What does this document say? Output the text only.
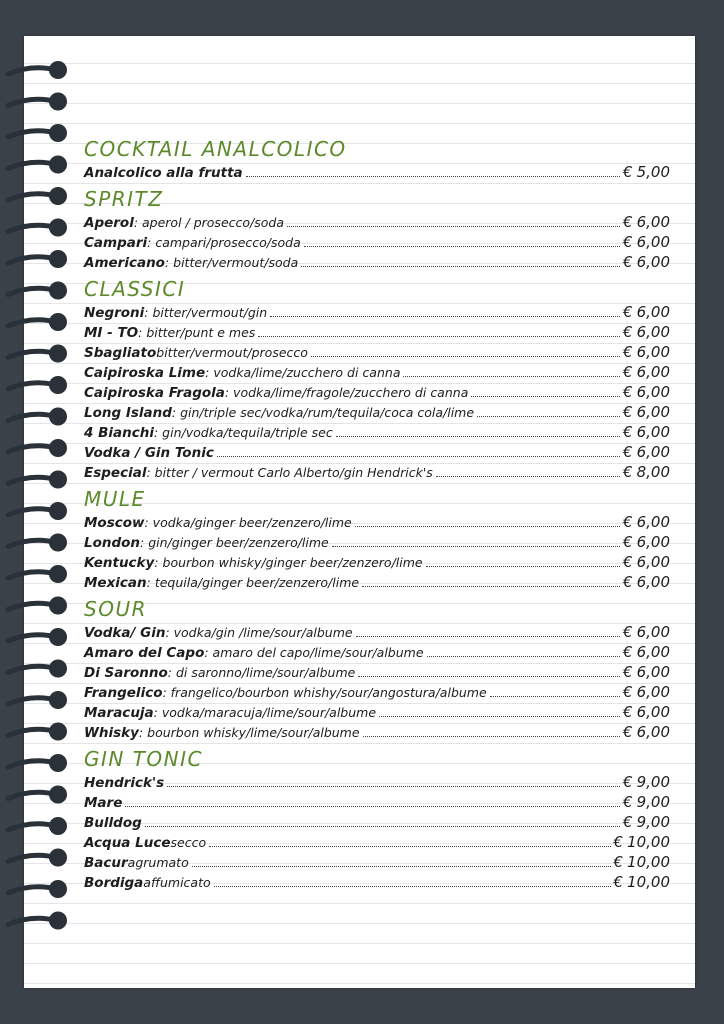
COCKTAIL ANALCOLICO
Analcolico alla frutta	€ 5,00
SPRITZ
Aperol : aperol / prosecco/soda	€ 6,00
Campari : campari/prosecco/soda	€ 6,00
Americano : bitter/vermout/soda	€ 6,00
CLASSICI
Negroni : bitter/vermout/gin	€ 6,00
MI - TO : bitter/punt e mes	€ 6,00
Sbagliato bitter/vermout/prosecco	€ 6,00
Caipiroska Lime : vodka/lime/zucchero di canna	€ 6,00
Caipiroska Fragola : vodka/lime/fragole/zucchero di canna	€ 6,00
Long Island : gin/triple sec/vodka/rum/tequila/coca cola/lime	€ 6,00
4 Bianchi : gin/vodka/tequila/triple sec	€ 6,00
Vodka / Gin Tonic	€ 6,00
Especial : bitter / vermout Carlo Alberto/gin Hendrick's	€ 8,00
MULE
Moscow : vodka/ginger beer/zenzero/lime	€ 6,00
London : gin/ginger beer/zenzero/lime	€ 6,00
Kentucky : bourbon whisky/ginger beer/zenzero/lime	€ 6,00
Mexican : tequila/ginger beer/zenzero/lime	€ 6,00
SOUR
Vodka/ Gin : vodka/gin /lime/sour/albume	€ 6,00
Amaro del Capo : amaro del capo/lime/sour/albume	€ 6,00
Di Saronno : di saronno/lime/sour/albume	€ 6,00
Frangelico : frangelico/bourbon whishy/sour/angostura/albume	€ 6,00
Maracuja : vodka/maracuja/lime/sour/albume	€ 6,00
Whisky : bourbon whisky/lime/sour/albume	€ 6,00
GIN TONIC
Hendrick's	€ 9,00
Mare	€ 9,00
Bulldog	€ 9,00
Acqua Luce secco	€ 10,00
Bacur agrumato	€ 10,00
Bordiga affumicato	€ 10,00
